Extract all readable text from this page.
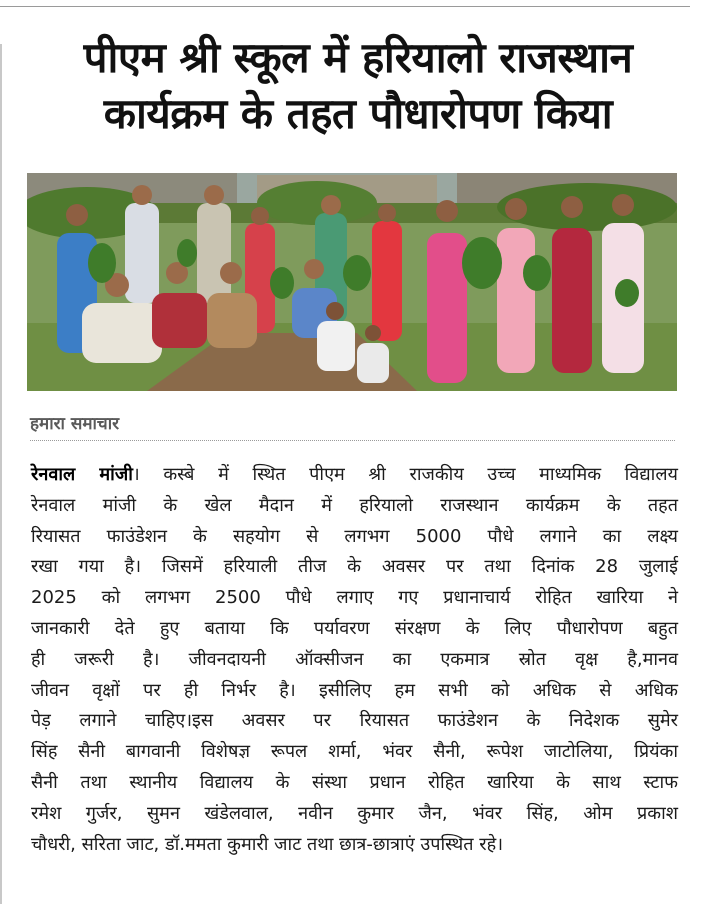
पीएम श्री स्कूल में हरियालो राजस्थान
कार्यक्रम के तहत पौधारोपण किया
हमारा समाचार
रेनवाल मांजी। कस्बे में स्थित पीएम श्री राजकीय उच्च माध्यमिक विद्यालय
रेनवाल मांजी के खेल मैदान में हरियालो राजस्थान कार्यक्रम के तहत
रियासत फाउंडेशन के सहयोग से लगभग 5000 पौधे लगाने का लक्ष्य
रखा गया है। जिसमें हरियाली तीज के अवसर पर तथा दिनांक 28 जुलाई
2025 को लगभग 2500 पौधे लगाए गए प्रधानाचार्य रोहित खारिया ने
जानकारी देते हुए बताया कि पर्यावरण संरक्षण के लिए पौधारोपण बहुत
ही जरूरी है। जीवनदायनी ऑक्सीजन का एकमात्र स्रोत वृक्ष है,मानव
जीवन वृक्षों पर ही निर्भर है। इसीलिए हम सभी को अधिक से अधिक
पेड़ लगाने चाहिए।इस अवसर पर रियासत फाउंडेशन के निदेशक सुमेर
सिंह सैनी बागवानी विशेषज्ञ रूपल शर्मा, भंवर सैनी, रूपेश जाटोलिया, प्रियंका
सैनी तथा स्थानीय विद्यालय के संस्था प्रधान रोहित खारिया के साथ स्टाफ
रमेश गुर्जर, सुमन खंडेलवाल, नवीन कुमार जैन, भंवर सिंह, ओम प्रकाश
चौधरी, सरिता जाट, डॉ.ममता कुमारी जाट तथा छात्र-छात्राएं उपस्थित रहे।
